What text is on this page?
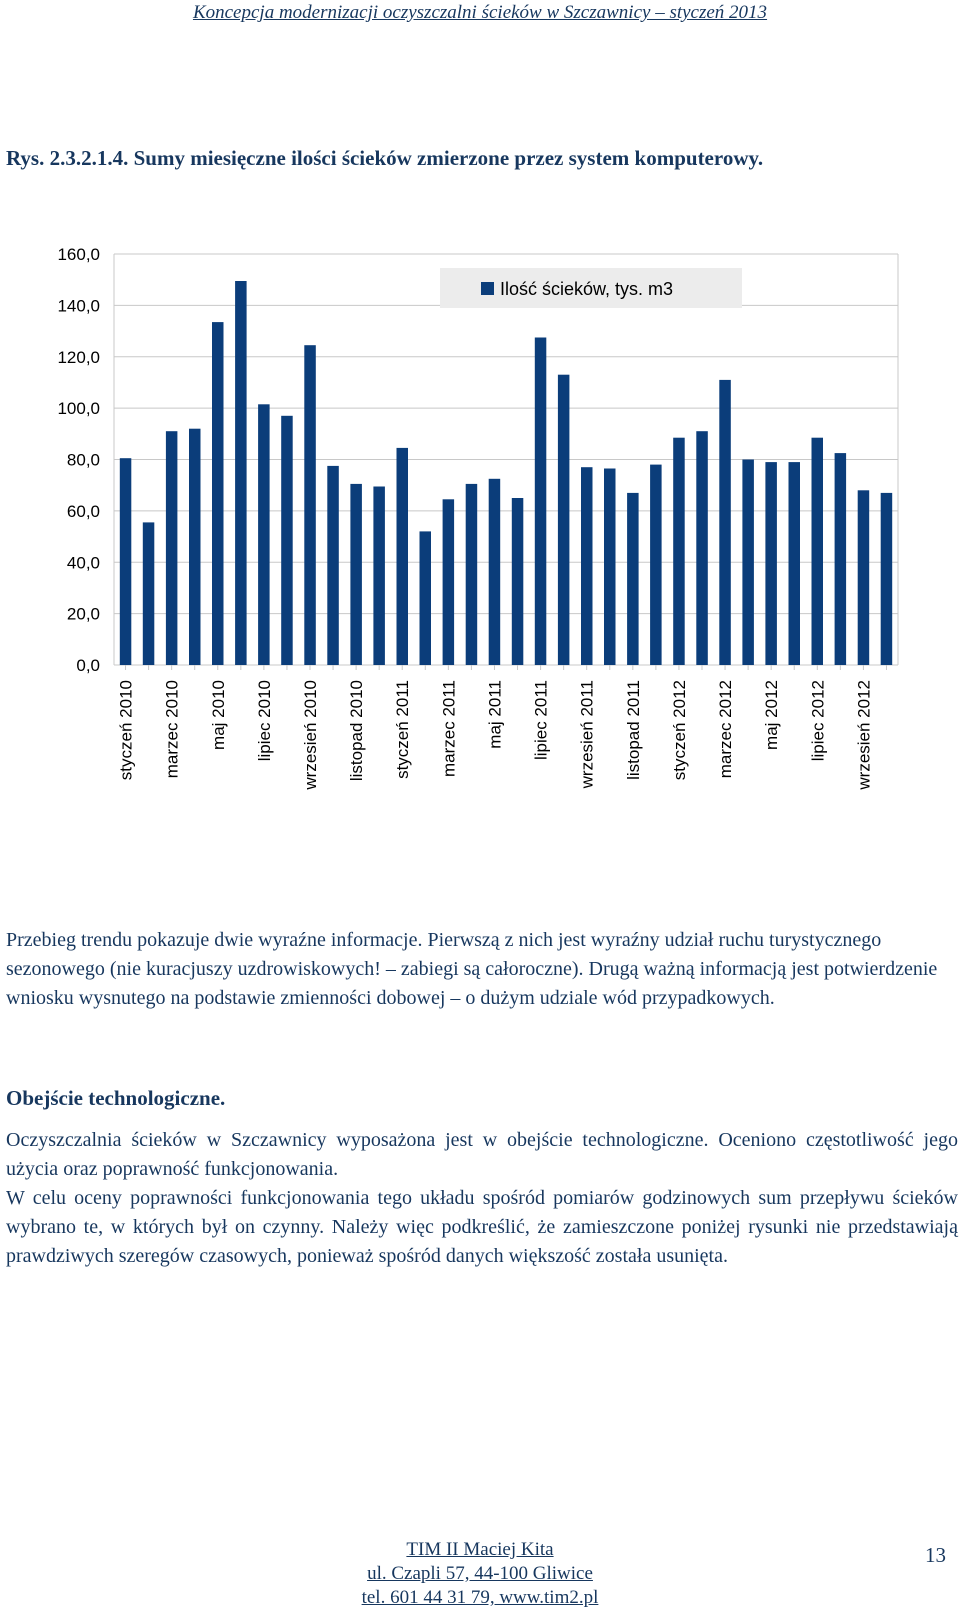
Koncepcja modernizacji oczyszczalni ścieków w Szczawnicy – styczeń 2013
Rys. 2.3.2.1.4. Sumy miesięczne ilości ścieków zmierzone przez system komputerowy.
0,0
20,0
40,0
60,0
80,0
100,0
120,0
140,0
160,0
styczeń 2010 marzec 2010 maj 2010 lipiec 2010 wrzesień 2010 listopad 2010 styczeń 2011 marzec 2011 maj 2011 lipiec 2011 wrzesień 2011 listopad 2011 styczeń 2012 marzec 2012 maj 2012 lipiec 2012 wrzesień 2012
Ilość ścieków, tys. m3
Przebieg trendu pokazuje dwie wyraźne informacje. Pierwszą z nich jest wyraźny udział ruchu turystycznego sezonowego (nie kuracjuszy uzdrowiskowych! – zabiegi są całoroczne). Drugą ważną informacją jest potwierdzenie wniosku wysnutego na podstawie zmienności dobowej – o dużym udziale wód przypadkowych.
Obejście technologiczne.
Oczyszczalnia ścieków w Szczawnicy wyposażona jest w obejście technologiczne. Oceniono częstotliwość jego użycia oraz poprawność funkcjonowania.
W celu oceny poprawności funkcjonowania tego układu spośród pomiarów godzinowych sum przepływu ścieków wybrano te, w których był on czynny. Należy więc podkreślić, że zamieszczone poniżej rysunki nie przedstawiają prawdziwych szeregów czasowych, ponieważ spośród danych większość została usunięta.
TIM II Maciej Kita
ul. Czapli 57, 44-100 Gliwice
tel. 601 44 31 79, www.tim2.pl
13
